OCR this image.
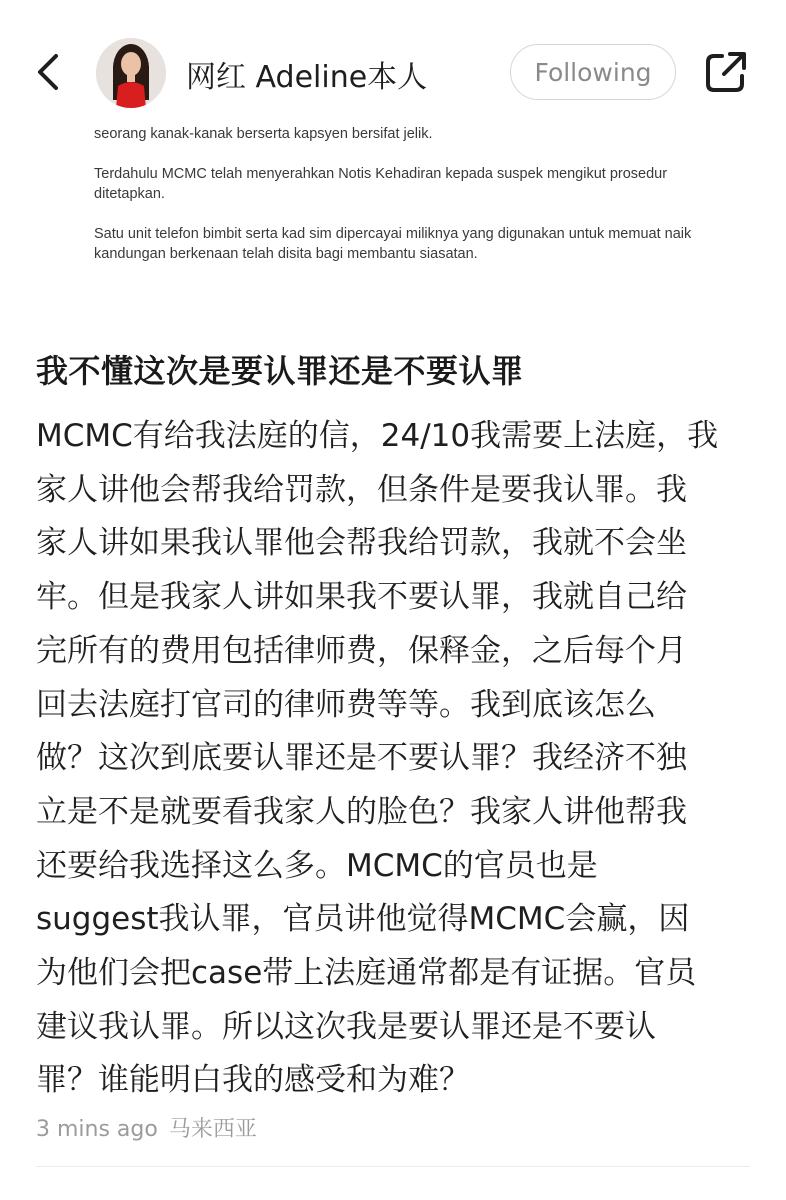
网红 Adeline本人	Following

seorang kanak-kanak berserta kapsyen bersifat jelik.

Terdahulu MCMC telah menyerahkan Notis Kehadiran kepada suspek mengikut prosedur ditetapkan.

Satu unit telefon bimbit serta kad sim dipercayai miliknya yang digunakan untuk memuat naik kandungan berkenaan telah disita bagi membantu siasatan.

我不懂这次是要认罪还是不要认罪
MCMC有给我法庭的信，24/10我需要上法庭，我
家人讲他会帮我给罚款，但条件是要我认罪。我
家人讲如果我认罪他会帮我给罚款，我就不会坐
牢。但是我家人讲如果我不要认罪，我就自己给
完所有的费用包括律师费，保释金，之后每个月
回去法庭打官司的律师费等等。我到底该怎么
做？这次到底要认罪还是不要认罪？我经济不独
立是不是就要看我家人的脸色？我家人讲他帮我
还要给我选择这么多。MCMC的官员也是
suggest我认罪，官员讲他觉得MCMC会赢，因
为他们会把case带上法庭通常都是有证据。官员
建议我认罪。所以这次我是要认罪还是不要认
罪？谁能明白我的感受和为难？
3 mins ago 马来西亚
